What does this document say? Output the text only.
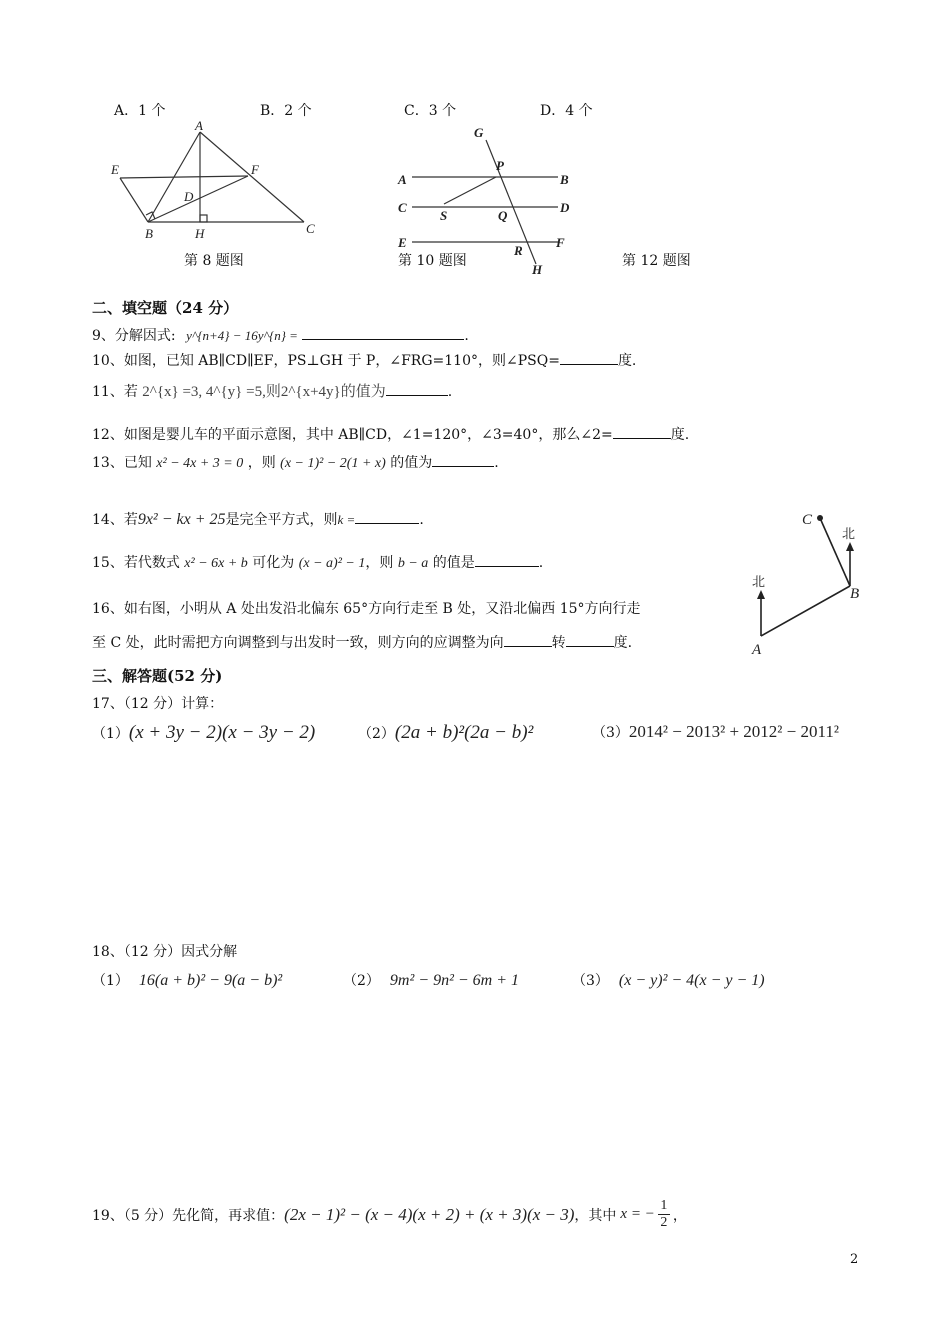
A．1 个	B．2 个	C．3 个	D．4 个
A
E	F
D
B	H	C
G
P
A	B
C
S	Q
D
E	F
R
H
第 8 题图	第 10 题图	第 12 题图
二、填空题（24 分）
9、分解因式: y^{n+4} − 16y^{n} =	.
10、如图，已知 AB∥CD∥EF，PS⊥GH 于 P，∠FRG=110°，则∠PSQ=	度.
11、若 2^{x} =3, 4^{y} =5,则2^{x+4y}的值为	.
12、如图是婴儿车的平面示意图，其中 AB∥CD，∠1=120°，∠3=40°，那么∠2=	度.
13、已知 x² − 4x + 3 = 0 ，则 (x − 1)² − 2(1 + x) 的值为	.
14、若9x² − kx + 25是完全平方式，则k =	.
15、若代数式 x² − 6x + b 可化为 (x − a)² − 1，则 b − a 的值是	.
16、如右图，小明从 A 处出发沿北偏东 65°方向行走至 B 处，又沿北偏西 15°方向行走
至 C 处，此时需把方向调整到与出发时一致，则方向的应调整为向	转	度.
C
北
北
B
A
三、解答题(52 分)
17、（12 分）计算：
（1）(x + 3y − 2)(x − 3y − 2)	（2）(2a + b)²(2a − b)²	（3）2014² − 2013² + 2012² − 2011²
18、（12 分）因式分解
（1） 16(a + b)² − 9(a − b)²	（2） 9m² − 9n² − 6m + 1	（3） (x − y)² − 4(x − y − 1)
19、（5 分）先化简，再求值： (2x − 1)² − (x − 4)(x + 2) + (x + 3)(x − 3) ，其中 x = −
1
2 ，
2
